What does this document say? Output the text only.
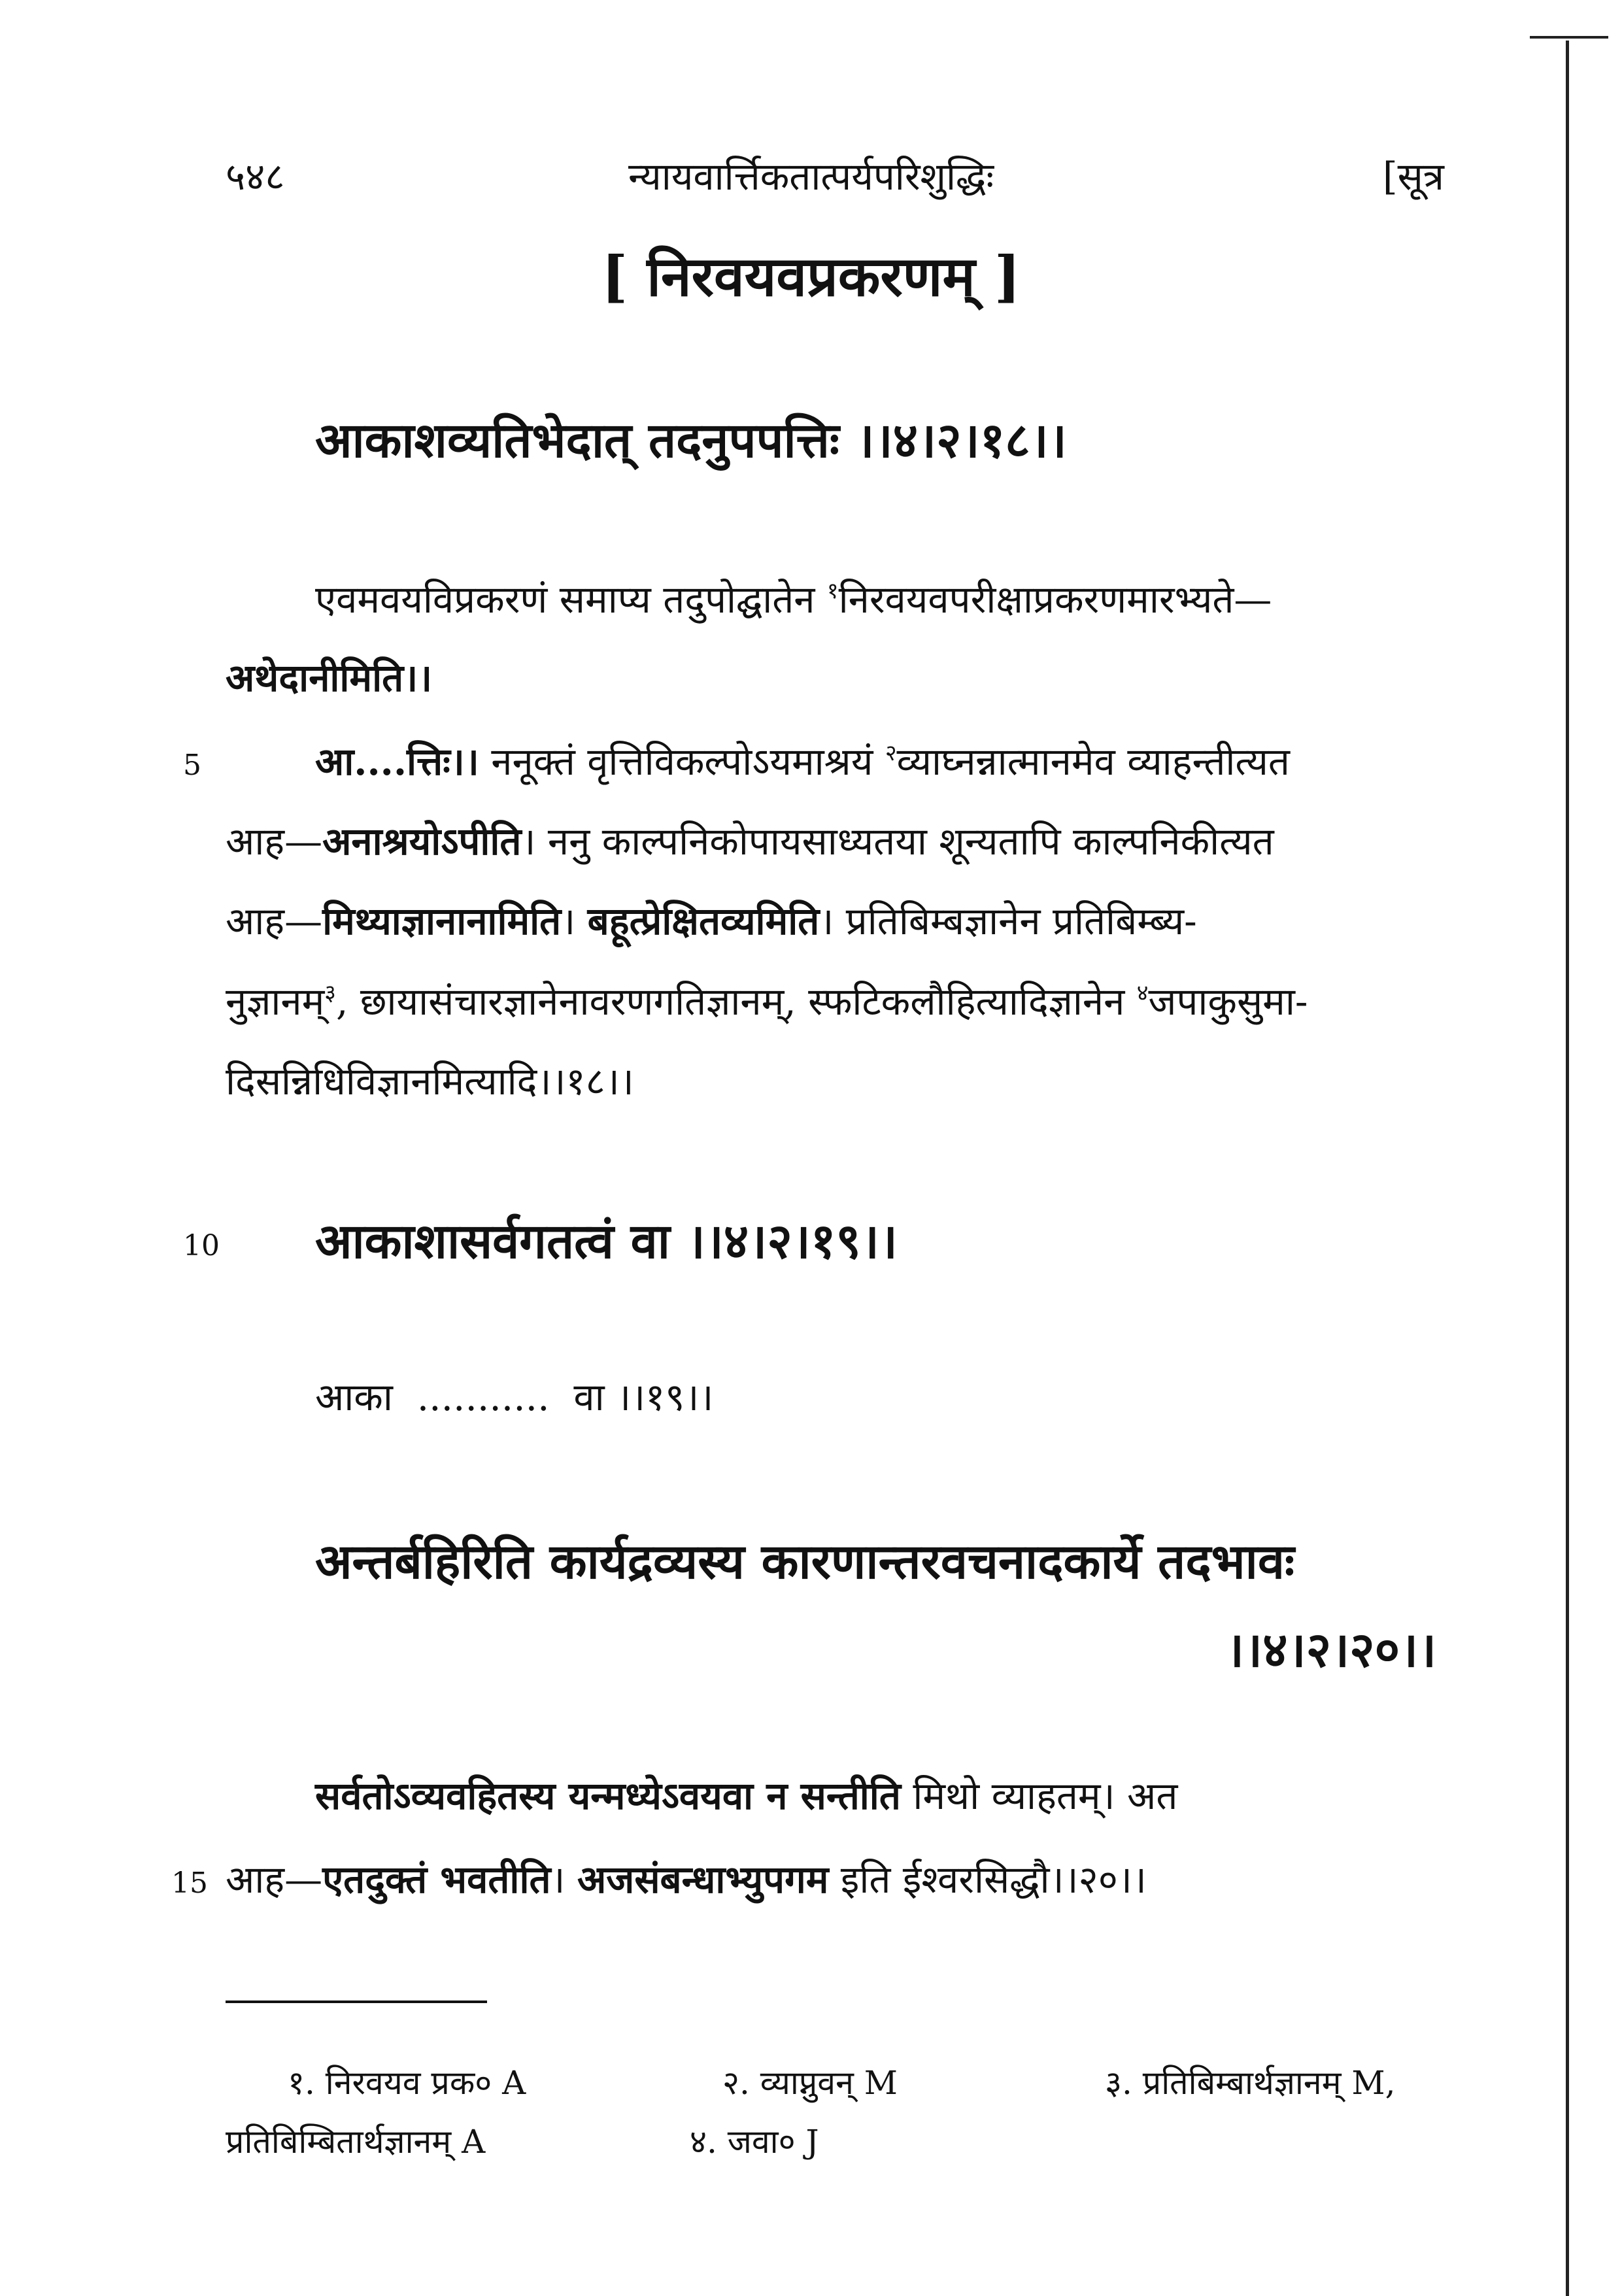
५४८	न्यायवार्त्तिकतात्पर्यपरिशुद्धिः	[सूत्र
[ निरवयवप्रकरणम् ]
आकाशव्यतिभेदात् तदनुपपत्तिः ।।४।२।१८।।
एवमवयविप्रकरणं समाप्य तदुपोद्घातेन $^१$निरवयवपरीक्षाप्रकरणमारभ्यते—
अथेदानीमिति।।
5	आ....त्तिः।। ननूक्तं वृत्तिविकल्पोऽयमाश्रयं $^२$व्याघ्नन्नात्मानमेव व्याहन्तीत्यत
आह—अनाश्रयोऽपीति। ननु काल्पनिकोपायसाध्यतया शून्यतापि काल्पनिकीत्यत
आह—मिथ्याज्ञानानामिति। बहूत्प्रेक्षितव्यमिति। प्रतिबिम्बज्ञानेन प्रतिबिम्ब्य-
नुज्ञानम्$^३$, छायासंचारज्ञानेनावरणगतिज्ञानम्, स्फटिकलौहित्यादिज्ञानेन $^४$जपाकुसुमा-
दिसन्निधिविज्ञानमित्यादि।।१८।।
10 आकाशासर्वगतत्वं वा ।।४।२।१९।।
आका  ...........  वा ।।१९।।
अन्तर्बहिरिति कार्यद्रव्यस्य कारणान्तरवचनादकार्ये तदभावः
।।४।२।२०।।
सर्वतोऽव्यवहितस्य यन्मध्येऽवयवा न सन्तीति मिथो व्याहतम्। अत
15 आह—एतदुक्तं भवतीति। अजसंबन्धाभ्युपगम इति ईश्वरसिद्धौ।।२०।।
१. निरवयव प्रक० A	२. व्याप्नुवन् M	३. प्रतिबिम्बार्थज्ञानम् M,
प्रतिबिम्बितार्थज्ञानम् A	४. जवा० J
